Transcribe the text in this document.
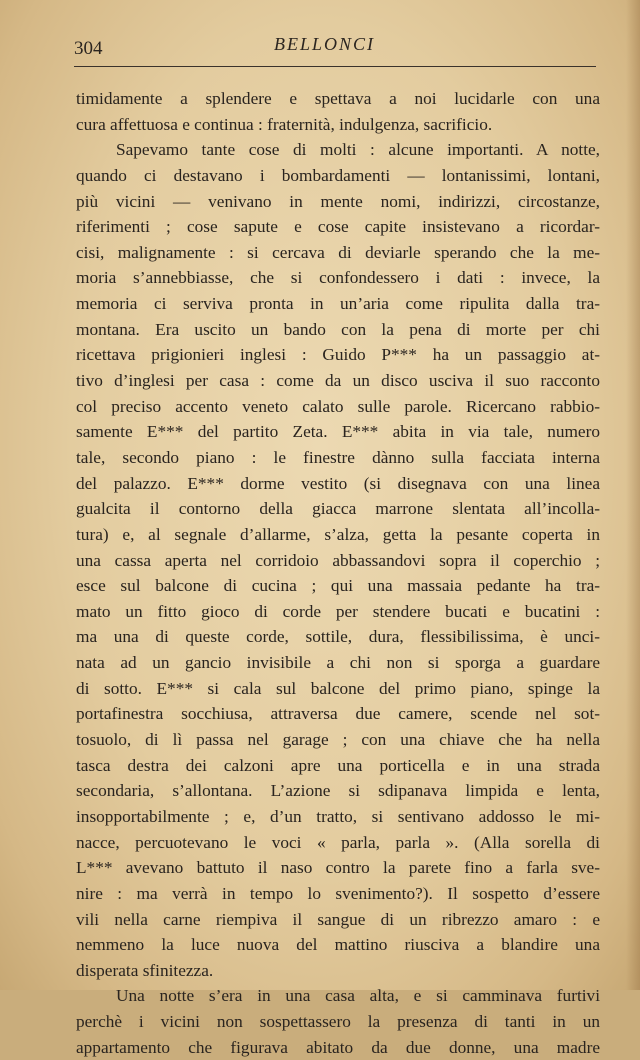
304	BELLONCI
timidamente a splendere e spettava a noi lucidarle con una
cura affettuosa e continua : fraternità, indulgenza, sacrificio.
Sapevamo tante cose di molti : alcune importanti. A notte,
quando ci destavano i bombardamenti — lontanissimi, lontani,
più vicini — venivano in mente nomi, indirizzi, circostanze,
riferimenti ; cose sapute e cose capite insistevano a ricordar-
cisi, malignamente : si cercava di deviarle sperando che la me-
moria s’annebbiasse, che si confondessero i dati : invece, la
memoria ci serviva pronta in un’aria come ripulita dalla tra-
montana. Era uscito un bando con la pena di morte per chi
ricettava prigionieri inglesi : Guido P*** ha un passaggio at-
tivo d’inglesi per casa : come da un disco usciva il suo racconto
col preciso accento veneto calato sulle parole. Ricercano rabbio-
samente E*** del partito Zeta. E*** abita in via tale, numero
tale, secondo piano : le finestre dànno sulla facciata interna
del palazzo. E*** dorme vestito (si disegnava con una linea
gualcita il contorno della giacca marrone slentata all’incolla-
tura) e, al segnale d’allarme, s’alza, getta la pesante coperta in
una cassa aperta nel corridoio abbassandovi sopra il coperchio ;
esce sul balcone di cucina ; qui una massaia pedante ha tra-
mato un fitto gioco di corde per stendere bucati e bucatini :
ma una di queste corde, sottile, dura, flessibilissima, è unci-
nata ad un gancio invisibile a chi non si sporga a guardare
di sotto. E*** si cala sul balcone del primo piano, spinge la
portafinestra socchiusa, attraversa due camere, scende nel sot-
tosuolo, di lì passa nel garage ; con una chiave che ha nella
tasca destra dei calzoni apre una porticella e in una strada
secondaria, s’allontana. L’azione si sdipanava limpida e lenta,
insopportabilmente ; e, d’un tratto, si sentivano addosso le mi-
nacce, percuotevano le voci « parla, parla ». (Alla sorella di
L*** avevano battuto il naso contro la parete fino a farla sve-
nire : ma verrà in tempo lo svenimento?). Il sospetto d’essere
vili nella carne riempiva il sangue di un ribrezzo amaro : e
nemmeno la luce nuova del mattino riusciva a blandire una
disperata sfinitezza.
Una notte s’era in una casa alta, e si camminava furtivi
perchè i vicini non sospettassero la presenza di tanti in un
appartamento che figurava abitato da due donne, una madre
